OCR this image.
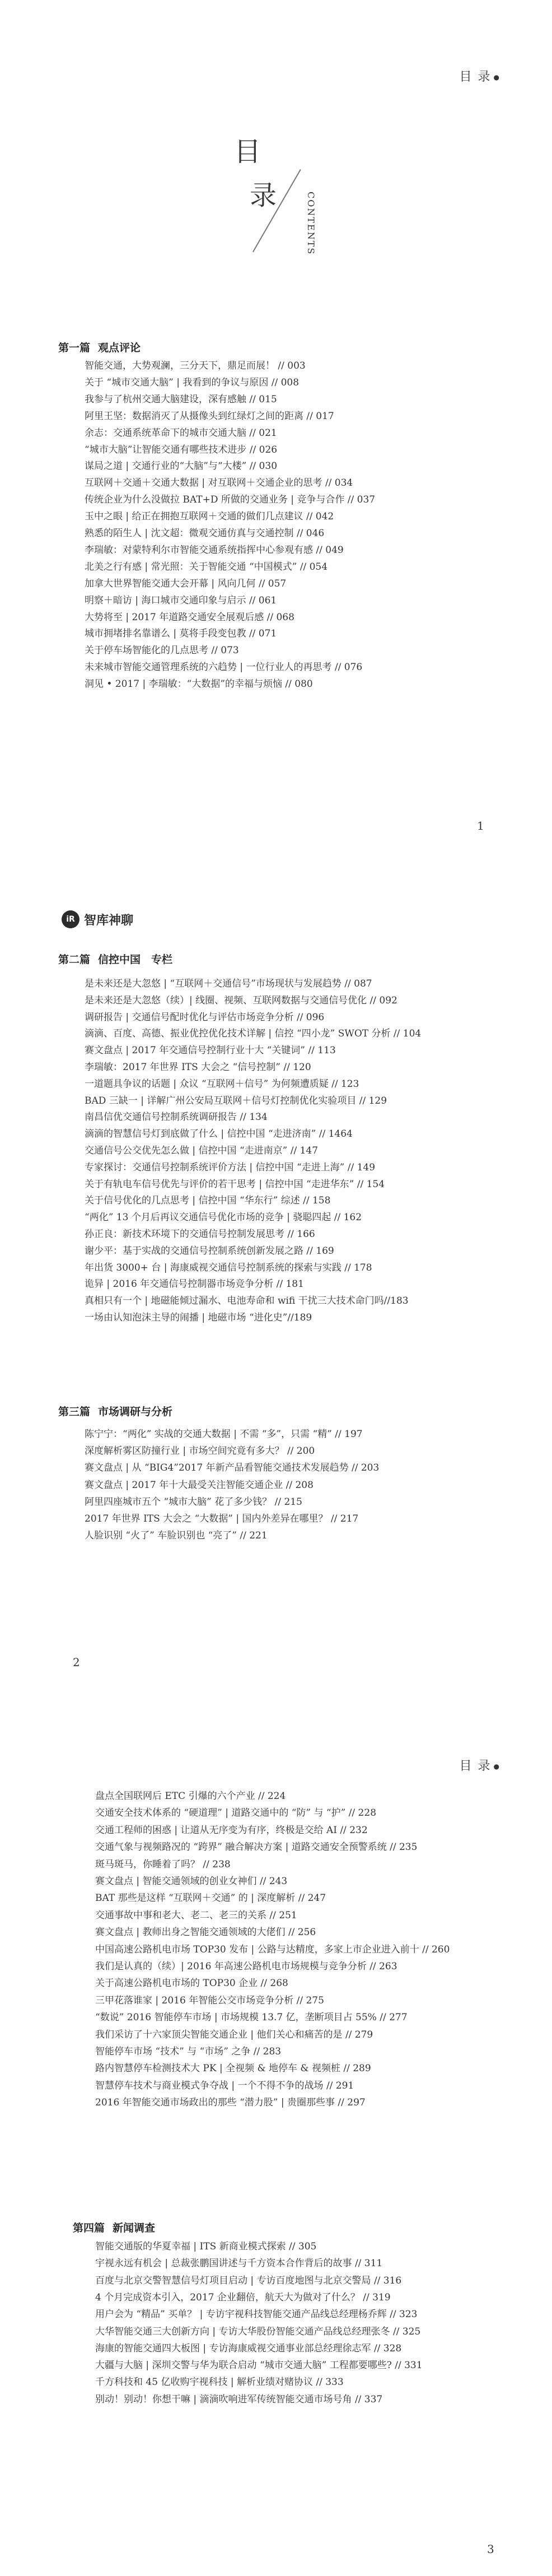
目 录 ●
目
录	CONTENTS
第一篇 观点评论
智能交通，大势观澜，三分天下，鼎足而展！ // 003
关于 “城市交通大脑” | 我看到的争议与原因 // 008
我参与了杭州交通大脑建设，深有感触 // 015
阿里王坚：数据消灭了从摄像头到红绿灯之间的距离 // 017
余志：交通系统革命下的城市交通大脑 // 021
“城市大脑”让智能交通有哪些技术进步 // 026
谋局之道 | 交通行业的“大脑”与“大楼” // 030
互联网＋交通＋交通大数据 | 对互联网＋交通企业的思考 // 034
传统企业为什么没做拉 BAT+D 所做的交通业务 | 竞争与合作 // 037
玉中之眼 | 给正在拥抱互联网＋交通的做们几点建议 // 042
熟悉的陌生人 | 沈文超：微观交通仿真与交通控制 // 046
李瑞敏：对蒙特利尔市智能交通系统指挥中心参观有感 // 049
北美之行有感 | 常光照：关于智能交通 “中国模式” // 054
加拿大世界智能交通大会开幕 | 风向几何 // 057
明察＋暗访 | 海口城市交通印象与启示 // 061
大势将至 | 2017 年道路交通安全展观后感 // 068
城市拥堵排名靠谱么 | 莫将手段变包教 // 071
关于停车场智能化的几点思考 // 073
未来城市智能交通管理系统的六趋势 | 一位行业人的再思考 // 076
洞见 • 2017 | 李瑞敏：“大数据”的幸福与烦恼 // 080
1
iR 智库神聊
第二篇 信控中国　专栏
是未来还是大忽悠 | “互联网＋交通信号”市场现状与发展趋势 // 087
是未来还是大忽悠（续）| 线圈、视频、互联网数据与交通信号优化 // 092
调研报告 | 交通信号配时优化与评估市场竞争分析 // 096
滴滴、百度、高德、振业优控优化技术详解 | 信控 “四小龙” SWOT 分析 // 104
赛文盘点 | 2017 年交通信号控制行业十大 “关键词” // 113
李瑞敏：2017 年世界 ITS 大会之 “信号控制” // 120
一道题具争议的话题 | 众议 “互联网＋信号” 为何频遭质疑 // 123
BAD 三缺一 | 详解广州公安局互联网＋信号灯控制优化实验项目 // 129
南昌信优交通信号控制系统调研报告 // 134
滴滴的智慧信号灯到底做了什么 | 信控中国 “走进济南” // 1464
交通信号公交优先怎么做 | 信控中国 “走进南京” // 147
专家探讨：交通信号控制系统评价方法 | 信控中国 “走进上海” // 149
关于有轨电车信号优先与评价的若干思考 | 信控中国 “走进华东” // 154
关于信号优化的几点思考 | 信控中国 “华东行” 综述 // 158
“两化” 13 个月后再议交通信号优化市场的竞争 | 骁聪四起 // 162
孙正良：新技术环境下的交通信号控制发展思考 // 166
谢少平：基于实战的交通信号控制系统创新发展之路 // 169
年出货 3000+ 台 | 海康威视交通信号控制系统的探索与实践 // 178
诡异 | 2016 年交通信号控制器市场竞争分析 // 181
真相只有一个 | 地磁能倾过漏水、电池寿命和 wifi 干扰三大技术命门吗//183
一场由认知泡沫主导的闹播 | 地磁市场 “进化史”//189
第三篇 市场调研与分析
陈宁宁：“两化” 实战的交通大数据 | 不需 “多”，只需 “精” // 197
深度解析雾区防撞行业 | 市场空间究竟有多大？ // 200
赛文盘点 | 从 “BIG4”2017 年新产品看智能交通技术发展趋势 // 203
赛文盘点 | 2017 年十大最受关注智能交通企业 // 208
阿里四座城市五个 “城市大脑” 花了多少钱？ // 215
2017 年世界 ITS 大会之 “大数据” | 国内外差异在哪里？ // 217
人脸识别 “火了” 车脸识别也 “亮了” // 221
2
目 录 ●
盘点全国联网后 ETC 引爆的六个产业 // 224
交通安全技术体系的 “硬道理” | 道路交通中的 “防” 与 “护” // 228
交通工程师的困惑 | 让道从无序变为有序，终极是交给 AI // 232
交通气象与视频路况的 “跨界” 融合解决方案 | 道路交通安全预警系统 // 235
斑马斑马，你睡着了吗？ // 238
赛文盘点 | 智能交通领域的创业女神们 // 243
BAT 那些是这样 “互联网＋交通” 的 | 深度解析 // 247
交通事故中事和老大、老二、老三的关系 // 251
赛文盘点 | 教师出身之智能交通领域的大佬们 // 256
中国高速公路机电市场 TOP30 发布 | 公路与达精度，多家上市企业进入前十 // 260
我们是认真的（续）| 2016 年高速公路机电市场规模与竞争分析 // 263
关于高速公路机电市场的 TOP30 企业 // 268
三甲花落谁家 | 2016 年智能公交市场竞争分析 // 275
“数说” 2016 智能停车市场 | 市场规模 13.7 亿，垄断项目占 55% // 277
我们采访了十六家顶尖智能交通企业 | 他们关心和痛苦的是 // 279
智能停车市场 “技术” 与 “市场” 之争 // 283
路内智慧停车检测技术大 PK | 全视频 & 地停车 & 视频桩 // 289
智慧停车技术与商业模式争夺战 | 一个不得不争的战场 // 291
2016 年智能交通市场政出的那些 “潜力股” | 贵圈那些事 // 297
第四篇 新闻调查
智能交通版的华夏幸福 | ITS 新商业模式探索 // 305
宇视永远有机会 | 总裁张鹏国讲述与千方资本合作背后的故事 // 311
百度与北京交警智慧信号灯项目启动 | 专访百度地图与北京交警局 // 316
4 个月完成资本引入，2017 企业翻倍，航天大为做对了什么？ // 319
用户会为 “精品” 买单？ | 专访宇视科技智能交通产品线总经理杨乔辉 // 323
大华智能交通三大创新方向 | 专访大华股份智能交通产品线总经理张冬 // 325
海康的智能交通四大板图 | 专访海康威视交通事业部总经理徐志军 // 328
大疆与大脑 | 深圳交警与华为联合启动 “城市交通大脑” 工程都要哪些? // 331
千方科技和 45 亿收购宇视科技 | 解析业绩对赌协议 // 333
别动！别动！你想干嘛 | 滴滴吹响进军传统智能交通市场号角 // 337
3
